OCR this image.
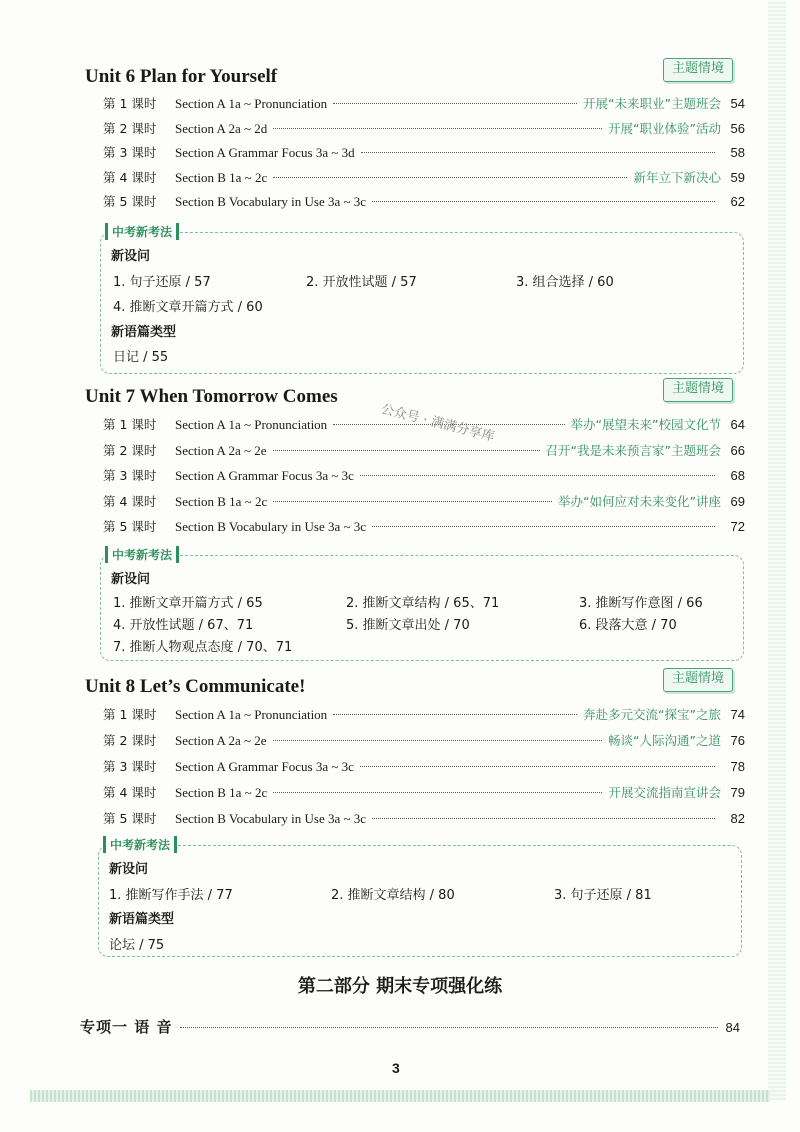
Unit 6 Plan for Yourself	主题情境
第 1 课时	Section A 1a ~ Pronunciation	开展“未来职业”主题班会 54
第 2 课时	Section A 2a ~ 2d	开展“职业体验”活动 56
第 3 课时	Section A Grammar Focus 3a ~ 3d	58
第 4 课时	Section B 1a ~ 2c	新年立下新决心 59
第 5 课时	Section B Vocabulary in Use 3a ~ 3c	62
中考新考法
新设问
1. 句子还原 / 57	2. 开放性试题 / 57	3. 组合选择 / 60
4. 推断文章开篇方式 / 60
新语篇类型
日记 / 55
Unit 7 When Tomorrow Comes	主题情境
第 1 课时	Section A 1a ~ Pronunciation	举办“展望未来”校园文化节 64
第 2 课时	Section A 2a ~ 2e	召开“我是未来预言家”主题班会 66
第 3 课时	Section A Grammar Focus 3a ~ 3c	68
第 4 课时	Section B 1a ~ 2c	举办“如何应对未来变化”讲座 69
第 5 课时	Section B Vocabulary in Use 3a ~ 3c	72
公众号 · 满满分享库
中考新考法
新设问
1. 推断文章开篇方式 / 65	2. 推断文章结构 / 65、71	3. 推断写作意图 / 66
4. 开放性试题 / 67、71	5. 推断文章出处 / 70	6. 段落大意 / 70
7. 推断人物观点态度 / 70、71
Unit 8 Let’s Communicate!	主题情境
第 1 课时	Section A 1a ~ Pronunciation	奔赴多元交流“探宝”之旅 74
第 2 课时	Section A 2a ~ 2e	畅谈“人际沟通”之道 76
第 3 课时	Section A Grammar Focus 3a ~ 3c	78
第 4 课时	Section B 1a ~ 2c	开展交流指南宣讲会 79
第 5 课时	Section B Vocabulary in Use 3a ~ 3c	82
中考新考法
新设问
1. 推断写作手法 / 77	2. 推断文章结构 / 80	3. 句子还原 / 81
新语篇类型
论坛 / 75
第二部分 期末专项强化练
专项一 语 音	84
3
